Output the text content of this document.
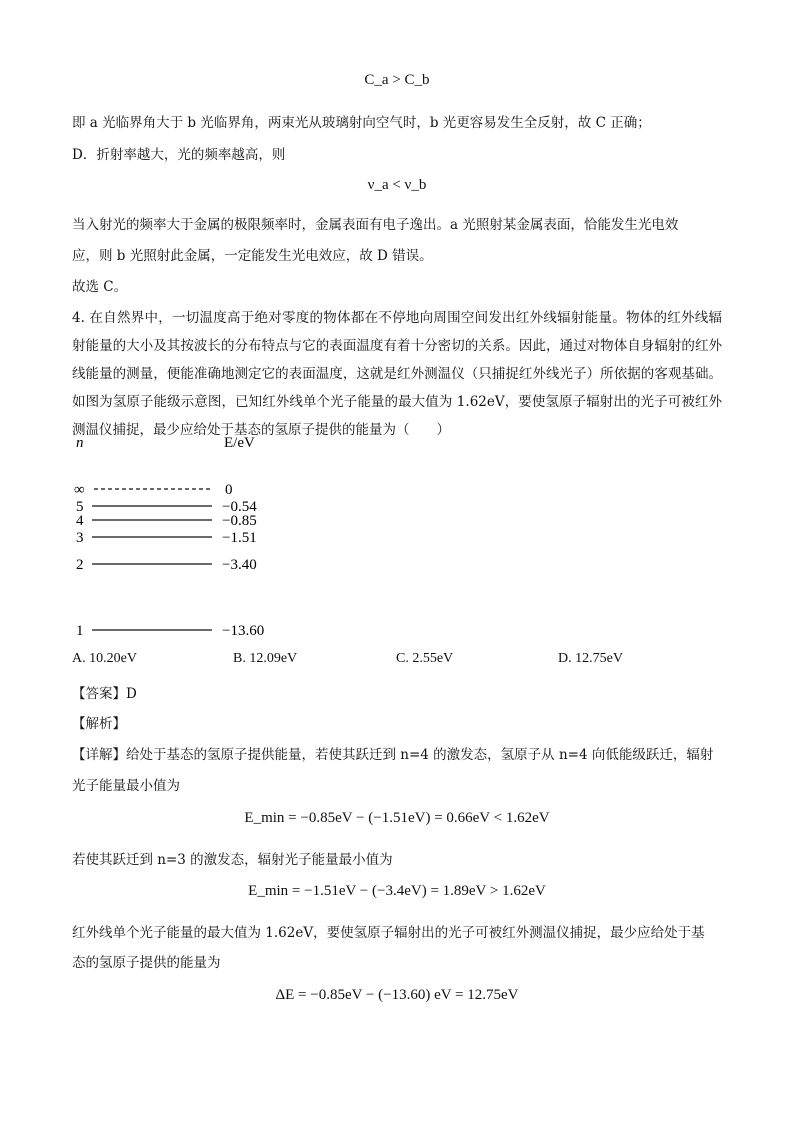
C_a > C_b
即 a 光临界角大于 b 光临界角，两束光从玻璃射向空气时，b 光更容易发生全反射，故 C 正确；
D．折射率越大，光的频率越高，则
ν_a < ν_b
当入射光的频率大于金属的极限频率时，金属表面有电子逸出。a 光照射某金属表面，恰能发生光电效
应，则 b 光照射此金属，一定能发生光电效应，故 D 错误。
故选 C。
4. 在自然界中，一切温度高于绝对零度的物体都在不停地向周围空间发出红外线辐射能量。物体的红外线辐射能量的大小及其按波长的分布特点与它的表面温度有着十分密切的关系。因此，通过对物体自身辐射的红外线能量的测量，便能准确地测定它的表面温度，这就是红外测温仪（只捕捉红外线光子）所依据的客观基础。如图为氢原子能级示意图，已知红外线单个光子能量的最大值为 1.62eV，要使氢原子辐射出的光子可被红外测温仪捕捉，最少应给处于基态的氢原子提供的能量为（　　）
n	E/eV
∞	0
5	−0.54
4	−0.85
3	−1.51
2	−3.40
1	−13.60
A. 10.20eV	B. 12.09eV	C. 2.55eV	D. 12.75eV
【答案】D
【解析】
【详解】给处于基态的氢原子提供能量，若使其跃迁到 n=4 的激发态，氢原子从 n=4 向低能级跃迁，辐射
光子能量最小值为
E_min = −0.85eV − (−1.51eV) = 0.66eV < 1.62eV
若使其跃迁到 n=3 的激发态，辐射光子能量最小值为
E_min = −1.51eV − (−3.4eV) = 1.89eV > 1.62eV
红外线单个光子能量的最大值为 1.62eV，要使氢原子辐射出的光子可被红外测温仪捕捉，最少应给处于基
态的氢原子提供的能量为
ΔE = −0.85eV − (−13.60) eV = 12.75eV
